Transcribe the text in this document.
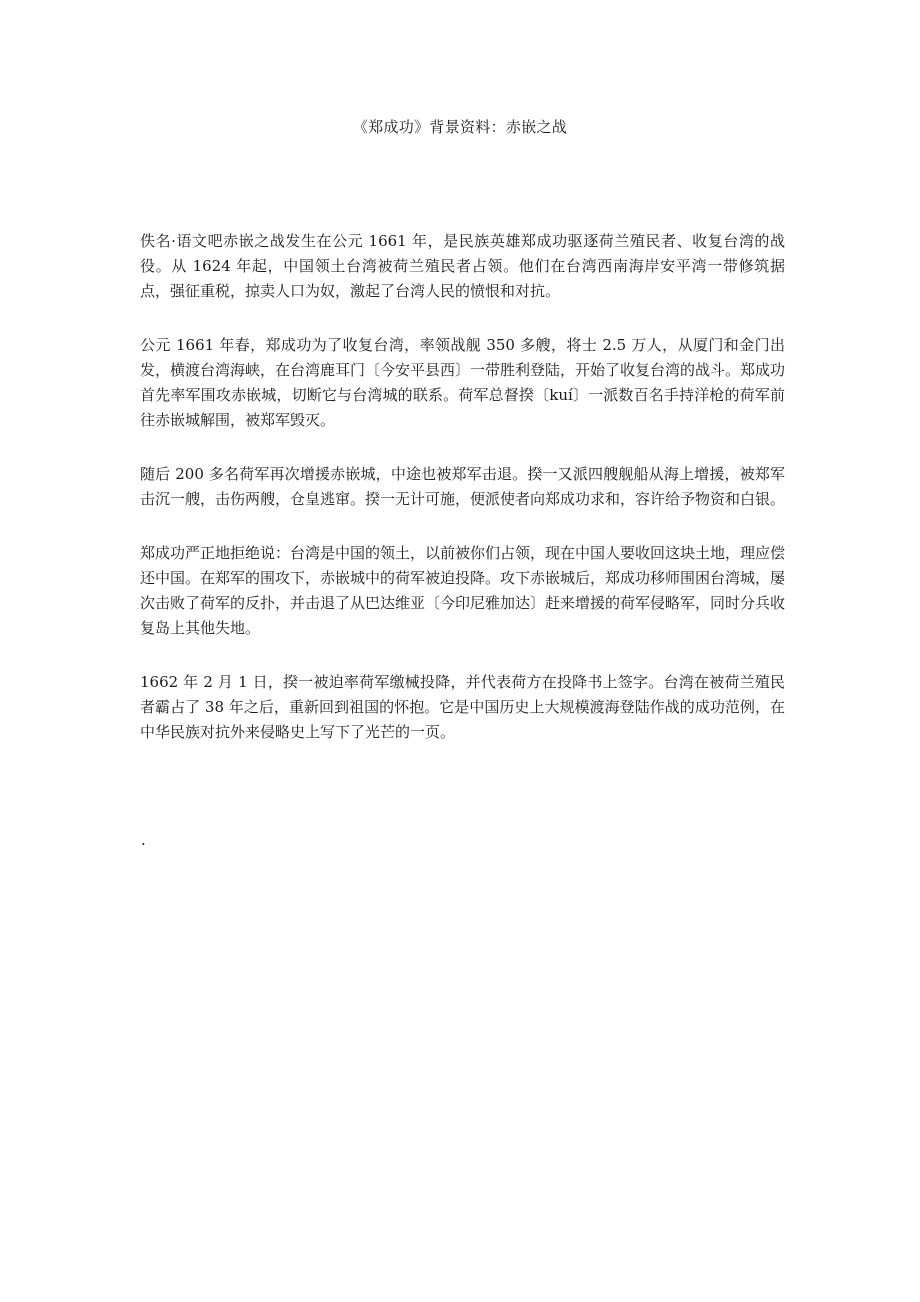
《郑成功》背景资料：赤嵌之战

佚名·语文吧赤嵌之战发生在公元 1661 年，是民族英雄郑成功驱逐荷兰殖民者、收复台湾的战役。从 1624 年起，中国领土台湾被荷兰殖民者占领。他们在台湾西南海岸安平湾一带修筑据点，强征重税，掠卖人口为奴，激起了台湾人民的愤恨和对抗。

公元 1661 年春，郑成功为了收复台湾，率领战舰 350 多艘，将士 2.5 万人，从厦门和金门出发，横渡台湾海峡，在台湾鹿耳门〔今安平县西〕一带胜利登陆，开始了收复台湾的战斗。郑成功首先率军围攻赤嵌城，切断它与台湾城的联系。荷军总督揆〔kuí〕一派数百名手持洋枪的荷军前往赤嵌城解围，被郑军毁灭。

随后 200 多名荷军再次增援赤嵌城，中途也被郑军击退。揆一又派四艘舰船从海上增援，被郑军击沉一艘，击伤两艘，仓皇逃窜。揆一无计可施，便派使者向郑成功求和，容许给予物资和白银。

郑成功严正地拒绝说：台湾是中国的领土，以前被你们占领，现在中国人要收回这块土地，理应偿还中国。在郑军的围攻下，赤嵌城中的荷军被迫投降。攻下赤嵌城后，郑成功移师围困台湾城，屡次击败了荷军的反扑，并击退了从巴达维亚〔今印尼雅加达〕赶来增援的荷军侵略军，同时分兵收复岛上其他失地。

1662 年 2 月 1 日，揆一被迫率荷军缴械投降，并代表荷方在投降书上签字。台湾在被荷兰殖民者霸占了 38 年之后，重新回到祖国的怀抱。它是中国历史上大规模渡海登陆作战的成功范例，在中华民族对抗外来侵略史上写下了光芒的一页。

.
